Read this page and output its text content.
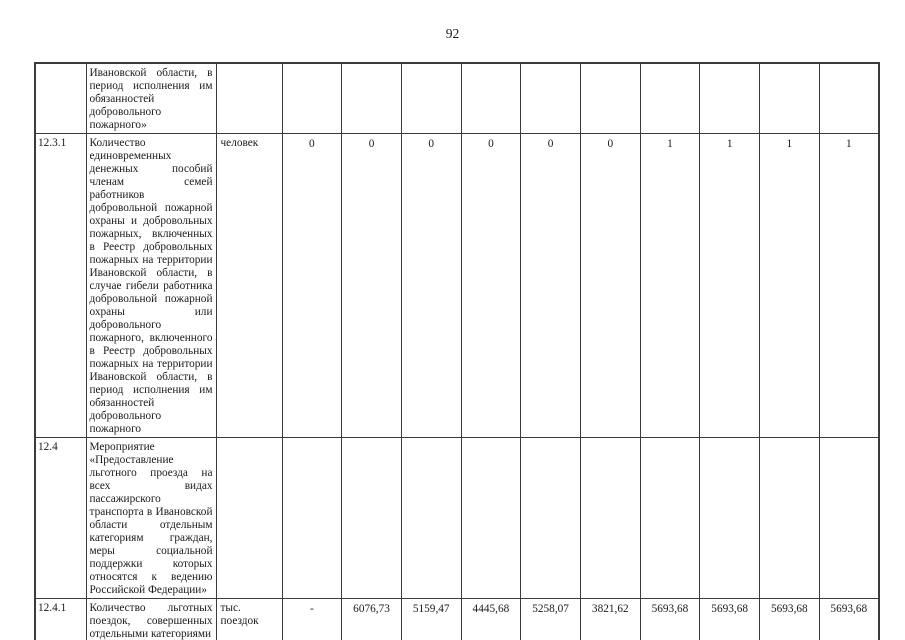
92
	Ивановской области, в период исполнения им обязанностей добровольного пожарного»											
12.3.1	Количество единовременных денежных пособий членам семей работников добровольной пожарной охраны и добровольных пожарных, включенных в Реестр добровольных пожарных на территории Ивановской области, в случае гибели работника добровольной пожарной охраны или добровольного пожарного, включенного в Реестр добровольных пожарных на территории Ивановской области, в период исполнения им обязанностей добровольного пожарного	человек	0	0	0	0	0	0	1	1	1	1
12.4	Мероприятие «Предоставление льготного проезда на всех видах пассажирского транспорта в Ивановской области отдельным категориям граждан, меры социальной поддержки которых относятся к ведению Российской Федерации»											
12.4.1	Количество льготных поездок, совершенных отдельными категориями	тыс. поездок	-	6076,73	5159,47	4445,68	5258,07	3821,62	5693,68	5693,68	5693,68	5693,68
